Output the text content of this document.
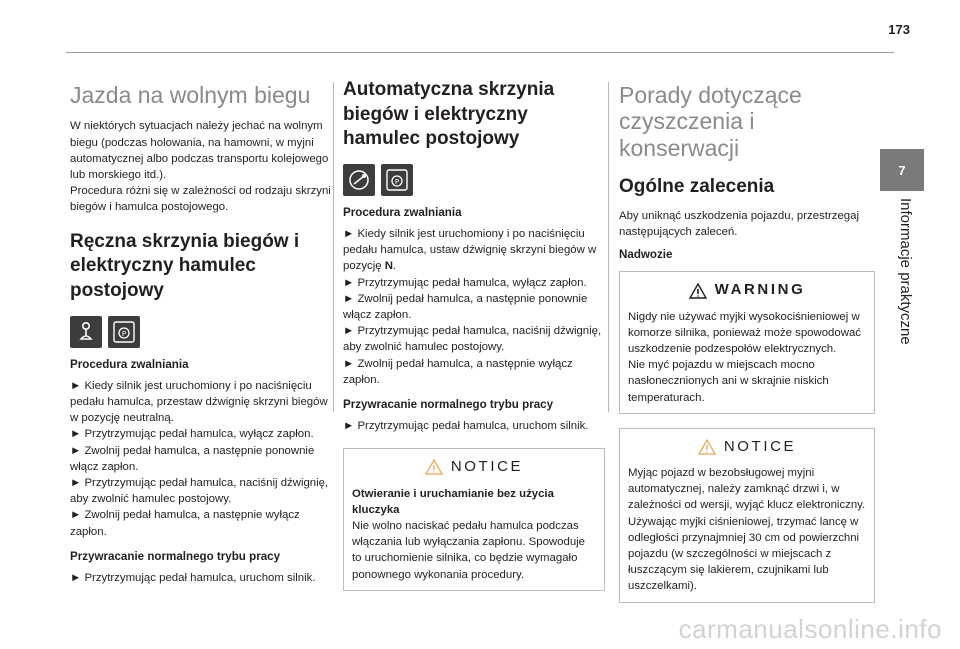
173
Jazda na wolnym biegu
W niektórych sytuacjach należy jechać na wolnym biegu (podczas holowania, na hamowni, w myjni automatycznej albo podczas transportu kolejowego lub morskiego itd.).
Procedura różni się w zależności od rodzaju skrzyni biegów i hamulca postojowego.
Ręczna skrzynia biegów i elektryczny hamulec postojowy
P
Procedura zwalniania
► Kiedy silnik jest uruchomiony i po naciśnięciu pedału hamulca, przestaw dźwignię skrzyni biegów w pozycję neutralną.
► Przytrzymując pedał hamulca, wyłącz zapłon.
► Zwolnij pedał hamulca, a następnie ponownie włącz zapłon.
► Przytrzymując pedał hamulca, naciśnij dźwignię, aby zwolnić hamulec postojowy.
► Zwolnij pedał hamulca, a następnie wyłącz zapłon.
Przywracanie normalnego trybu pracy
► Przytrzymując pedał hamulca, uruchom silnik.
Automatyczna skrzynia biegów i elektryczny hamulec postojowy
P
Procedura zwalniania
► Kiedy silnik jest uruchomiony i po naciśnięciu pedału hamulca, ustaw dźwignię skrzyni biegów w pozycję N.
► Przytrzymując pedał hamulca, wyłącz zapłon.
► Zwolnij pedał hamulca, a następnie ponownie włącz zapłon.
► Przytrzymując pedał hamulca, naciśnij dźwignię, aby zwolnić hamulec postojowy.
► Zwolnij pedał hamulca, a następnie wyłącz zapłon.
Przywracanie normalnego trybu pracy
► Przytrzymując pedał hamulca, uruchom silnik.
NOTICE
Otwieranie i uruchamianie bez użycia kluczyka
Nie wolno naciskać pedału hamulca podczas włączania lub wyłączania zapłonu. Spowoduje to uruchomienie silnika, co będzie wymagało ponownego wykonania procedury.
Porady dotyczące czyszczenia i konserwacji
Ogólne zalecenia
Aby uniknąć uszkodzenia pojazdu, przestrzegaj następujących zaleceń.
Nadwozie
WARNING
Nigdy nie używać myjki wysokociśnieniowej w komorze silnika, ponieważ może spowodować uszkodzenie podzespołów elektrycznych.
Nie myć pojazdu w miejscach mocno nasłonecznionych ani w skrajnie niskich temperaturach.
NOTICE
Myjąc pojazd w bezobsługowej myjni automatycznej, należy zamknąć drzwi i, w zależności od wersji, wyjąć klucz elektroniczny.
Używając myjki ciśnieniowej, trzymać lancę w odległości przynajmniej 30 cm od powierzchni pojazdu (w szczególności w miejscach z łuszczącym się lakierem, czujnikami lub uszczelkami).
7
Informacje praktyczne
carmanualsonline.info
